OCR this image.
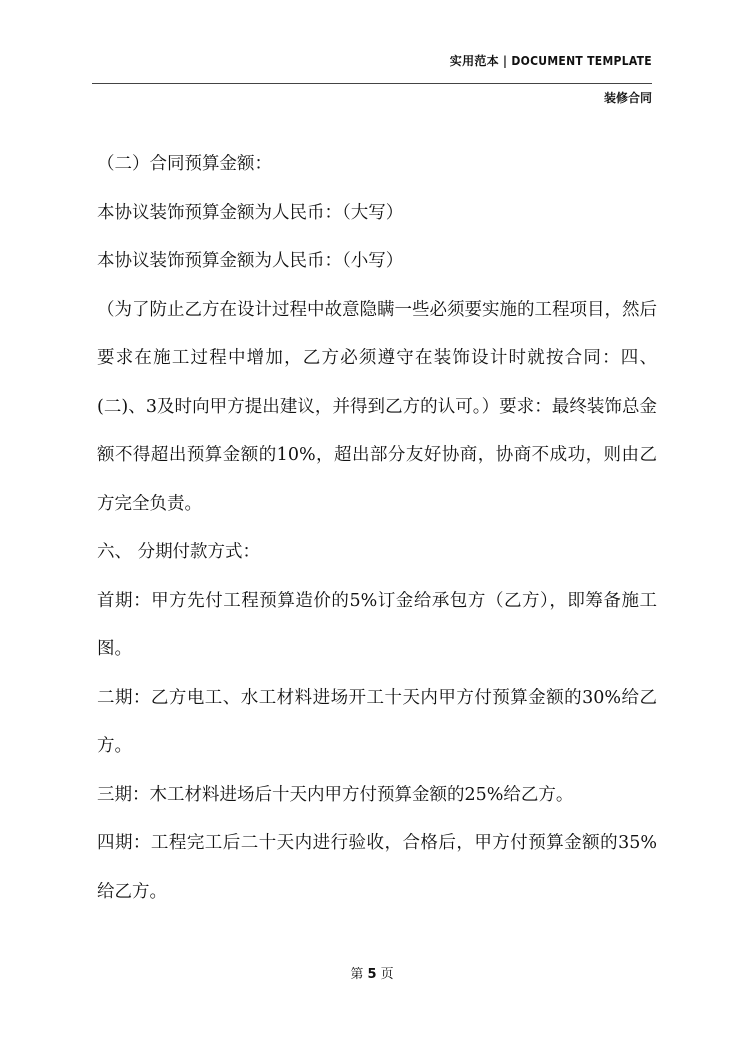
实用范本 | DOCUMENT TEMPLATE
装修合同

（二）合同预算金额：

本协议装饰预算金额为人民币：（大写）

本协议装饰预算金额为人民币：（小写）

（为了防止乙方在设计过程中故意隐瞒一些必须要实施的工程项目，然后要求在施工过程中增加，乙方必须遵守在装饰设计时就按合同：四、(二)、3及时向甲方提出建议，并得到乙方的认可。）要求：最终装饰总金额不得超出预算金额的10%，超出部分友好协商，协商不成功，则由乙方完全负责。

六、 分期付款方式：

首期：甲方先付工程预算造价的5%订金给承包方（乙方），即筹备施工图。

二期：乙方电工、水工材料进场开工十天内甲方付预算金额的30%给乙方。

三期：木工材料进场后十天内甲方付预算金额的25%给乙方。

四期：工程完工后二十天内进行验收，合格后，甲方付预算金额的35%给乙方。

第 5 页
